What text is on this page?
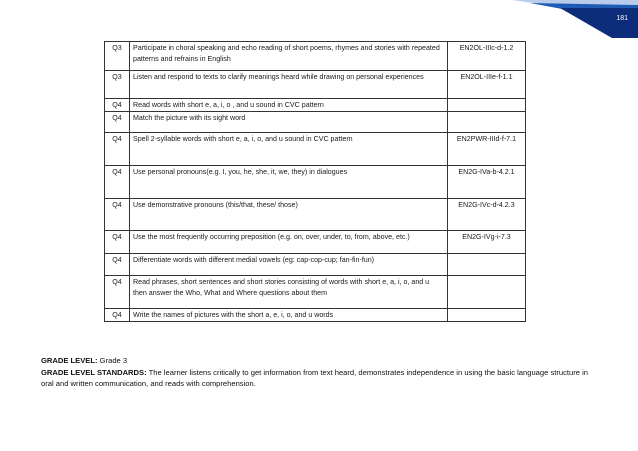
181
Q3	Participate in choral speaking and echo reading of short poems, rhymes and stories with repeated patterns and refrains in English	EN2OL-IIIc-d-1.2
Q3	Listen and respond to texts to clarify meanings heard while drawing on personal experiences	EN2OL-IIIe-f-1.1
Q4	Read words with short e, a, i, o , and u sound in CVC pattern	
Q4	Match the picture with its sight word	

Q4	Spell 2-syllable words with short e, a, i, o, and u sound in CVC pattern	EN2PWR-IIId-f-7.1
Q4	Use personal pronouns(e.g. I, you, he, she, it, we, they) in dialogues	EN2G-IVa-b-4.2.1
Q4	Use demonstrative pronouns (this/that, these/ those)	EN2G-IVc-d-4.2.3
Q4	Use the most frequently occurring preposition (e.g. on, over, under, to, from, above, etc.)	EN2G-IVg-i-7.3
Q4	Differentiate words with different medial vowels (eg: cap-cop-cup; fan-fin-fun)	
Q4	Read phrases, short sentences and short stories consisting of words with short e, a, i, o, and u then answer the Who, What and Where questions about them	
Q4	Write the names of pictures with the short a, e, i, o, and u words	
GRADE LEVEL: Grade 3
GRADE LEVEL STANDARDS: The learner listens critically to get information from text heard, demonstrates independence in using the basic language structure in oral and written communication, and reads with comprehension.
